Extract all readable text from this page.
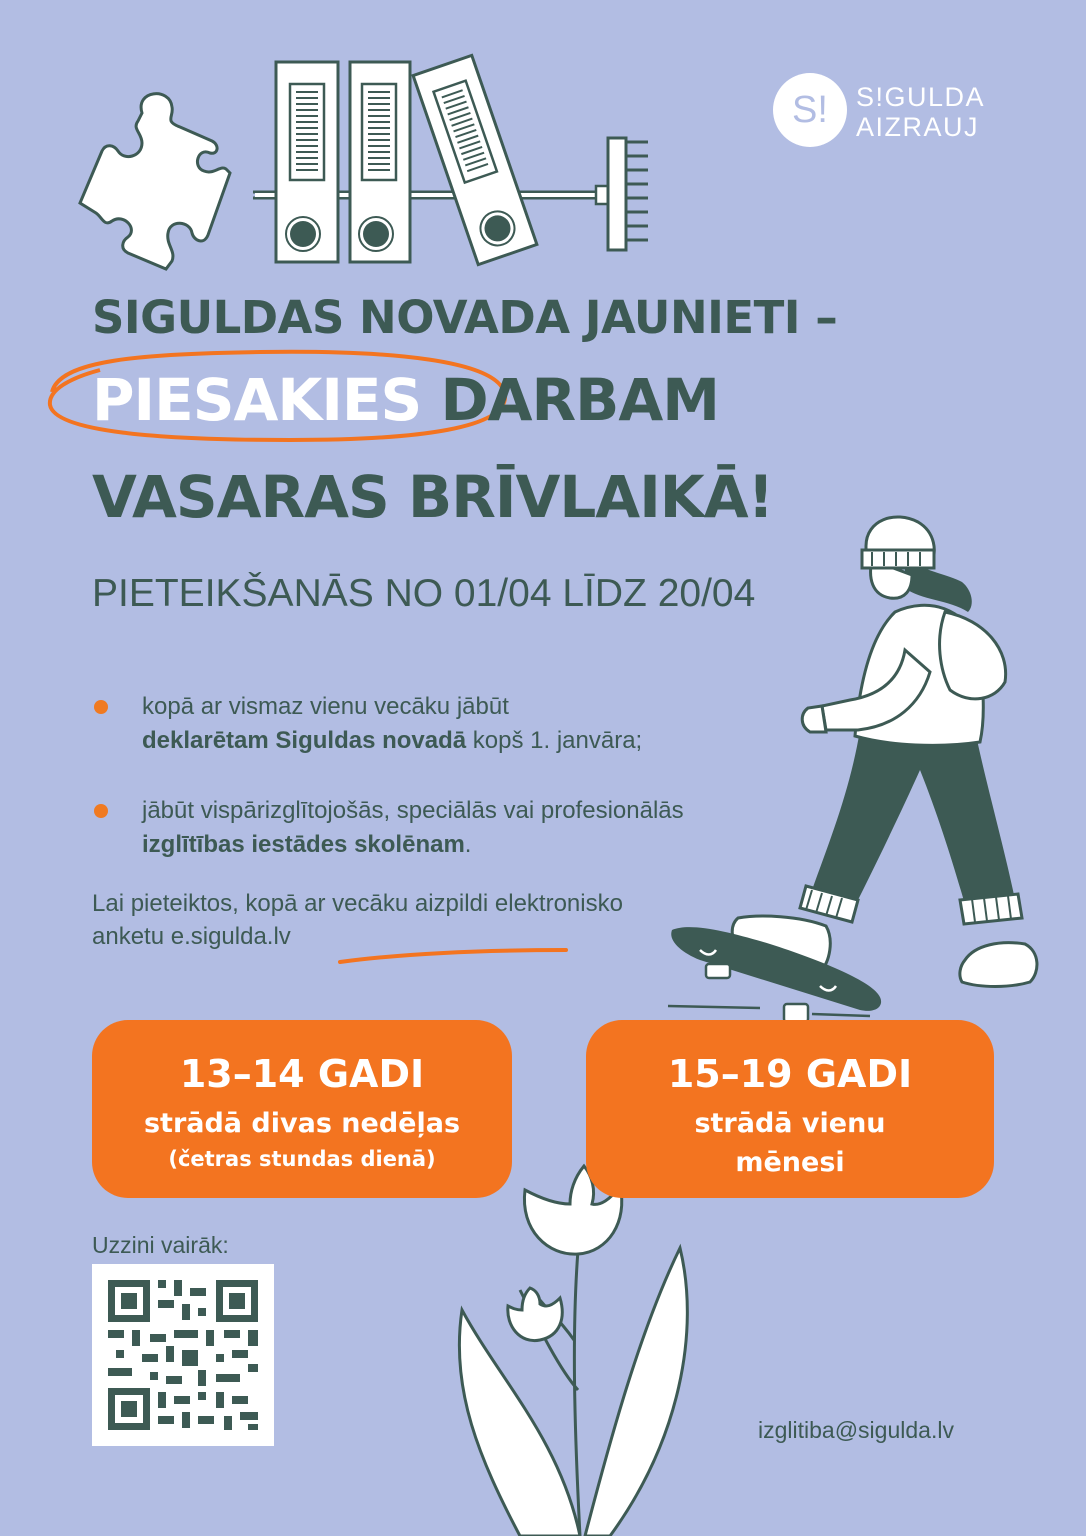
S! S!GULDA
AIZRAUJ
SIGULDAS NOVADA JAUNIETI –
PIESAKIES DARBAM
VASARAS BRĪVLAIKĀ!
PIETEIKŠANĀS NO 01/04 LĪDZ 20/04
kopā ar vismaz vienu vecāku jābūt
deklarētam Siguldas novadā kopš 1. janvāra;
jābūt vispārizglītojošās, speciālās vai profesionālās izglītības iestādes skolēnam.
Lai pieteiktos, kopā ar vecāku aizpildi elektronisko anketu e.sigulda.lv
13–14 GADI
strādā divas nedēļas
(četras stundas dienā)
15–19 GADI
strādā vienu
mēnesi
Uzzini vairāk:
izglitiba@sigulda.lv
